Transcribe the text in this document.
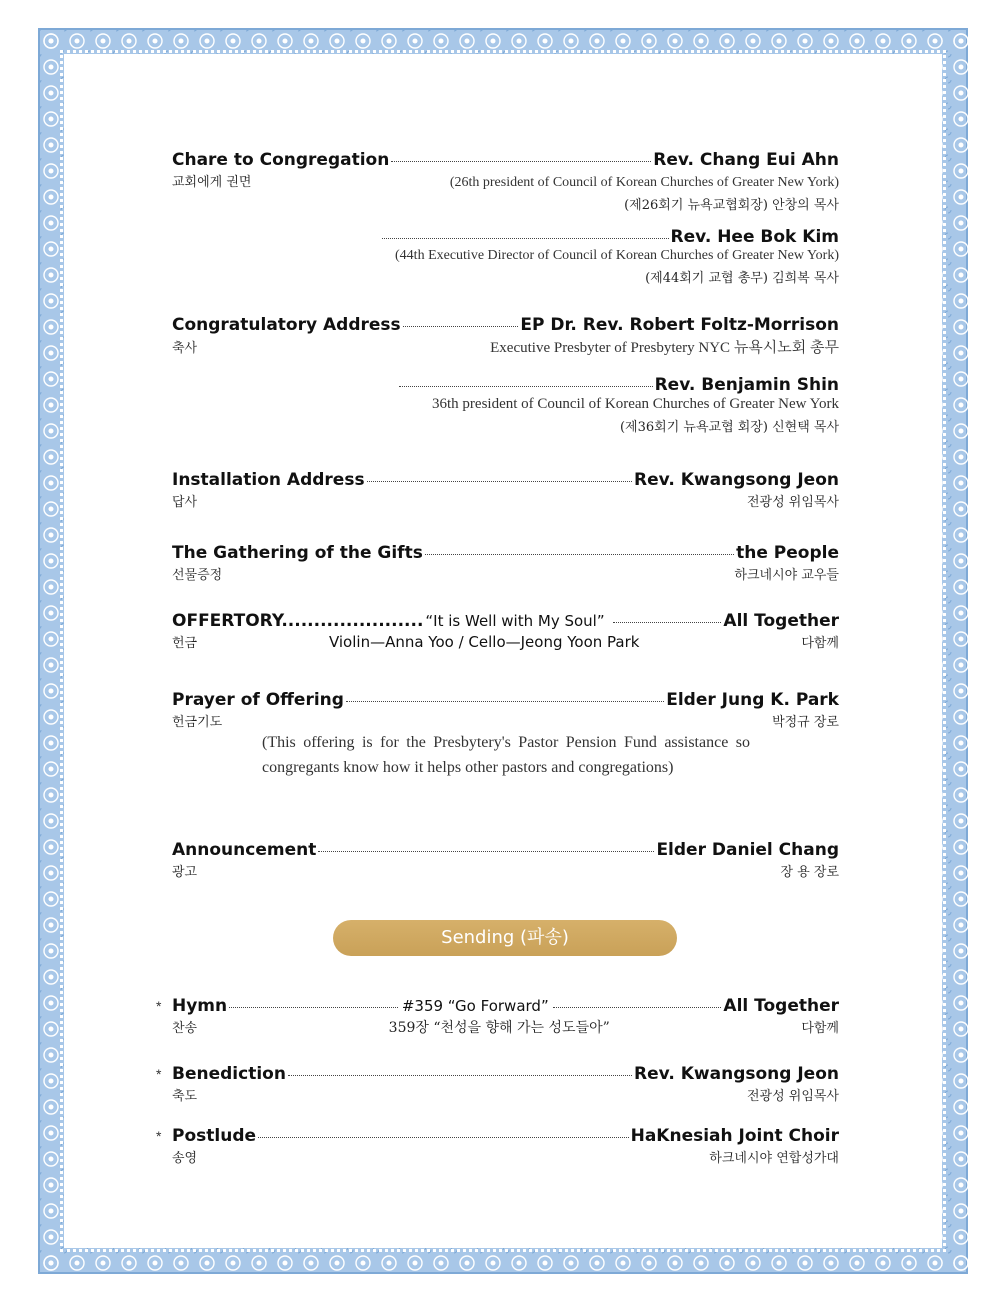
Chare to Congregation	Rev. Chang Eui Ahn
교회에게 권면	(26th president of Council of Korean Churches of Greater New York)
(제26회기 뉴욕교협회장) 안창의 목사
Rev. Hee Bok Kim
(44th Executive Director of Council of Korean Churches of Greater New York)
(제44회기 교협 총무) 김희복 목사
Congratulatory Address	EP Dr. Rev. Robert Foltz-Morrison
축사	Executive Presbyter of Presbytery NYC 뉴욕시노회 총무
Rev. Benjamin Shin
36th president of Council of Korean Churches of Greater New York
(제36회기 뉴욕교협 회장) 신현택 목사
Installation Address	Rev. Kwangsong Jeon
답사	전광성 위임목사
The Gathering of the Gifts	the People
선물증정	하크네시야 교우들
OFFERTORY...................... “It is Well with My Soul”	All Together
헌금	Violin—Anna Yoo / Cello—Jeong Yoon Park	다함께
Prayer of Offering	Elder Jung K. Park
헌금기도	박정규 장로
(This offering is for the Presbytery's Pastor Pension Fund assistance so congregants know how it helps other pastors and congregations)
Announcement	Elder Daniel Chang
광고	장 용 장로
Sending (파송)
* Hymn	#359 “Go Forward”	All Together
찬송	359장 “천성을 향해 가는 성도들아”	다함께
* Benediction	Rev. Kwangsong Jeon
축도	전광성 위임목사
* Postlude	HaKnesiah Joint Choir
송영	하크네시야 연합성가대
